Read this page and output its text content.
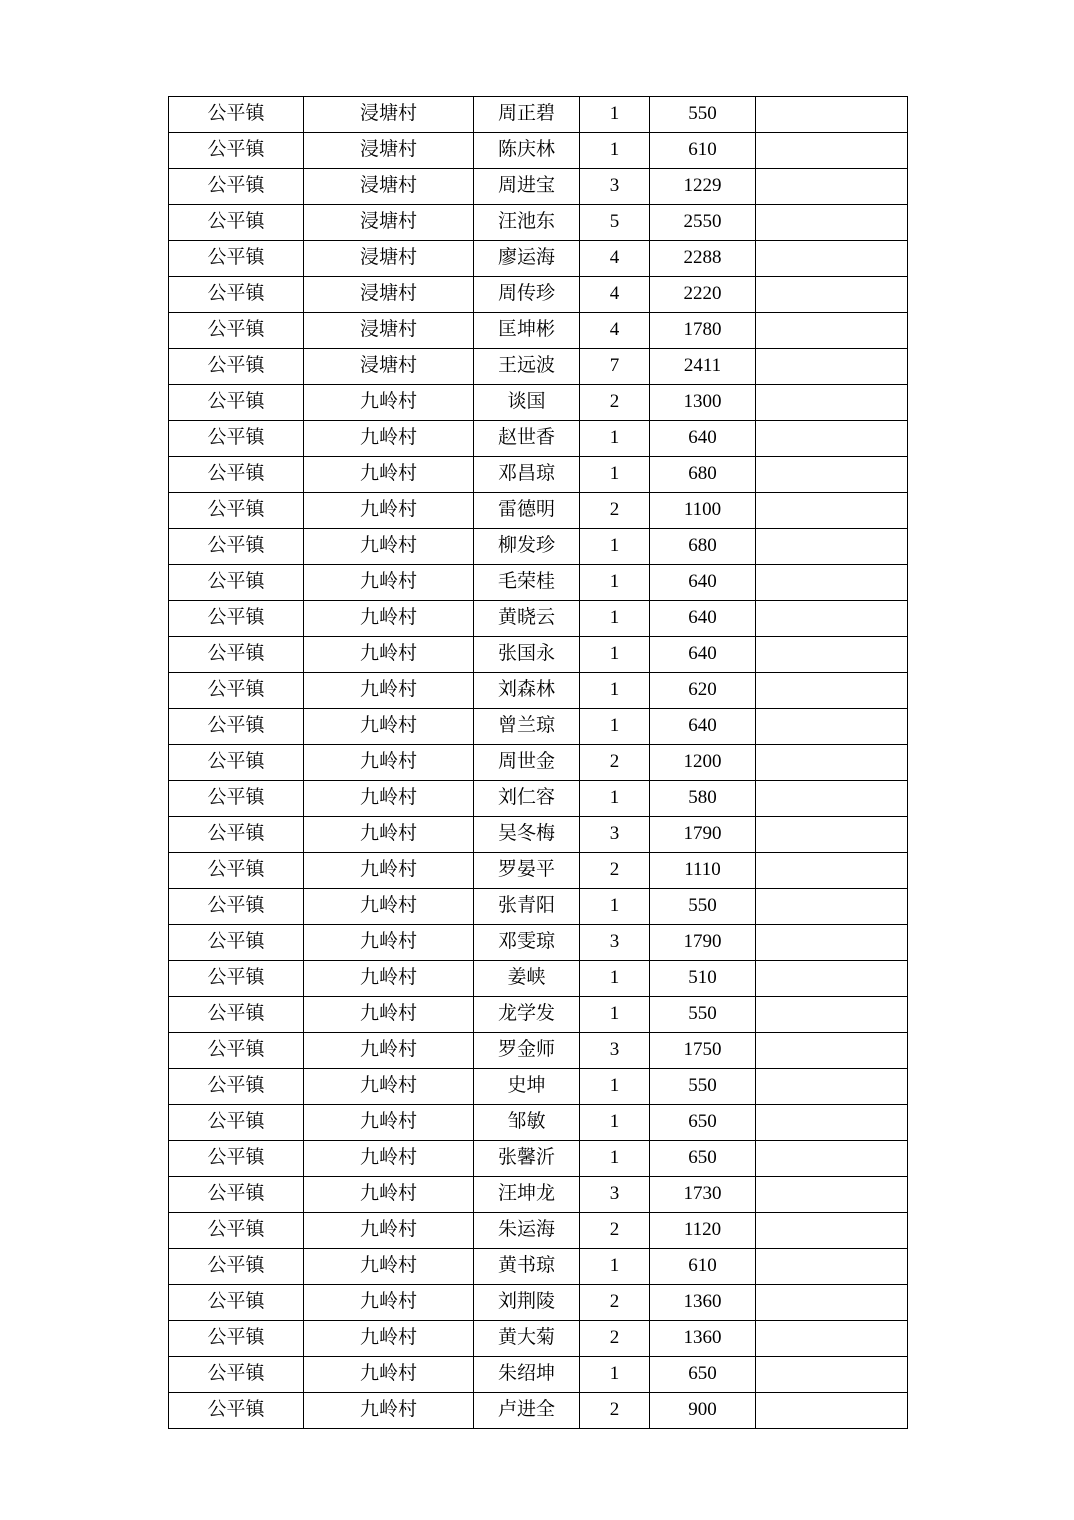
公平镇	浸塘村	周正碧	1	550	
公平镇	浸塘村	陈庆林	1	610	
公平镇	浸塘村	周进宝	3	1229	
公平镇	浸塘村	汪池东	5	2550	
公平镇	浸塘村	廖运海	4	2288	
公平镇	浸塘村	周传珍	4	2220	
公平镇	浸塘村	匡坤彬	4	1780	
公平镇	浸塘村	王远波	7	2411	
公平镇	九岭村	谈国	2	1300	
公平镇	九岭村	赵世香	1	640	
公平镇	九岭村	邓昌琼	1	680	
公平镇	九岭村	雷德明	2	1100	
公平镇	九岭村	柳发珍	1	680	
公平镇	九岭村	毛荣桂	1	640	
公平镇	九岭村	黄晓云	1	640	
公平镇	九岭村	张国永	1	640	
公平镇	九岭村	刘森林	1	620	
公平镇	九岭村	曾兰琼	1	640	
公平镇	九岭村	周世金	2	1200	
公平镇	九岭村	刘仁容	1	580	
公平镇	九岭村	吴冬梅	3	1790	
公平镇	九岭村	罗晏平	2	1110	
公平镇	九岭村	张青阳	1	550	
公平镇	九岭村	邓雯琼	3	1790	
公平镇	九岭村	姜峡	1	510	
公平镇	九岭村	龙学发	1	550	
公平镇	九岭村	罗金师	3	1750	
公平镇	九岭村	史坤	1	550	
公平镇	九岭村	邹敏	1	650	
公平镇	九岭村	张馨沂	1	650	
公平镇	九岭村	汪坤龙	3	1730	
公平镇	九岭村	朱运海	2	1120	
公平镇	九岭村	黄书琼	1	610	
公平镇	九岭村	刘荆陵	2	1360	
公平镇	九岭村	黄大菊	2	1360	
公平镇	九岭村	朱绍坤	1	650	
公平镇	九岭村	卢进全	2	900	
